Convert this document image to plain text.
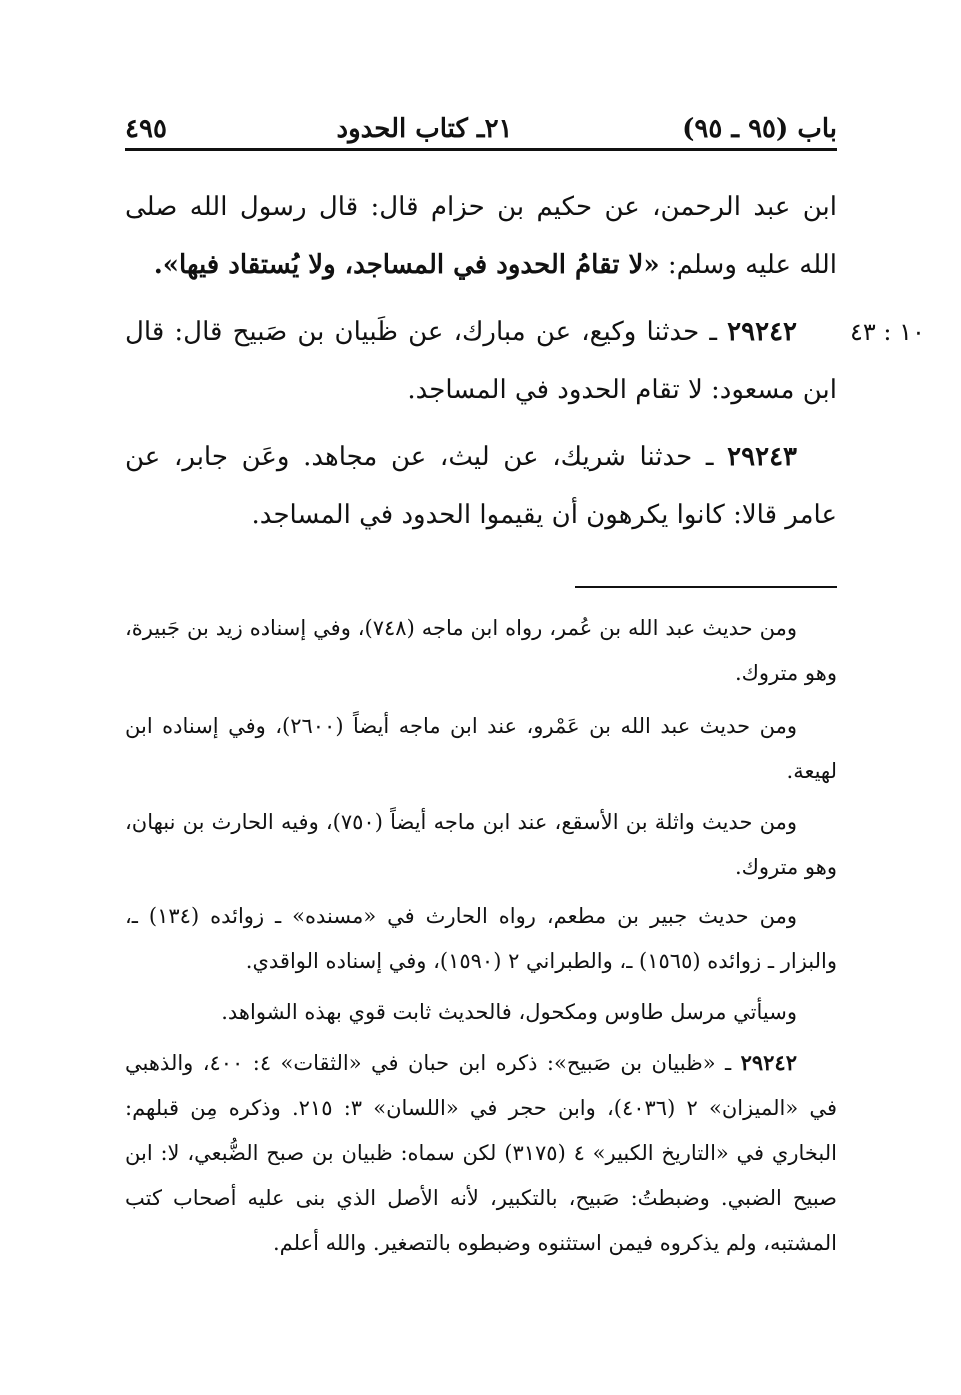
باب (٩٥ ـ ٩٥)
٢١ـ كتاب الحدود
٤٩٥
ابن عبد الرحمن، عن حكيم بن حزام قال: قال رسول الله صلى الله عليه وسلم: «لا تقامُ الحدود في المساجد، ولا يُستقاد فيها».
١٠ : ٤٣
٢٩٢٤٢ ـ حدثنا وكيع، عن مبارك، عن ظَبيان بن صَبيح قال: قال ابن مسعود: لا تقام الحدود في المساجد.
٢٩٢٤٣ ـ حدثنا شريك، عن ليث، عن مجاهد. وعَن جابر، عن عامر قالا: كانوا يكرهون أن يقيموا الحدود في المساجد.
ومن حديث عبد الله بن عُمر، رواه ابن ماجه (٧٤٨)، وفي إسناده زيد بن جَبيرة، وهو متروك.
ومن حديث عبد الله بن عَمْرو، عند ابن ماجه أيضاً (٢٦٠٠)، وفي إسناده ابن لهيعة.
ومن حديث واثلة بن الأسقع، عند ابن ماجه أيضاً (٧٥٠)، وفيه الحارث بن نبهان، وهو متروك.
ومن حديث جبير بن مطعم، رواه الحارث في «مسنده» ـ زوائده (١٣٤) ـ، والبزار ـ زوائده (١٥٦٥) ـ، والطبراني ٢ (١٥٩٠)، وفي إسناده الواقدي.
وسيأتي مرسل طاوس ومكحول، فالحديث ثابت قوي بهذه الشواهد.
٢٩٢٤٢ ـ «ظبيان بن صَبيح»: ذكره ابن حبان في «الثقات» ٤: ٤٠٠، والذهبي في «الميزان» ٢ (٤٠٣٦)، وابن حجر في «اللسان» ٣: ٢١٥. وذكره مِن قبلهم: البخاري في «التاريخ الكبير» ٤ (٣١٧٥) لكن سماه: ظبيان بن صبح الضُّبعي، لا: ابن صبيح الضبي. وضبطتُ: صَبيح، بالتكبير، لأنه الأصل الذي بنى عليه أصحاب كتب المشتبه، ولم يذكروه فيمن استثنوه وضبطوه بالتصغير. والله أعلم.
